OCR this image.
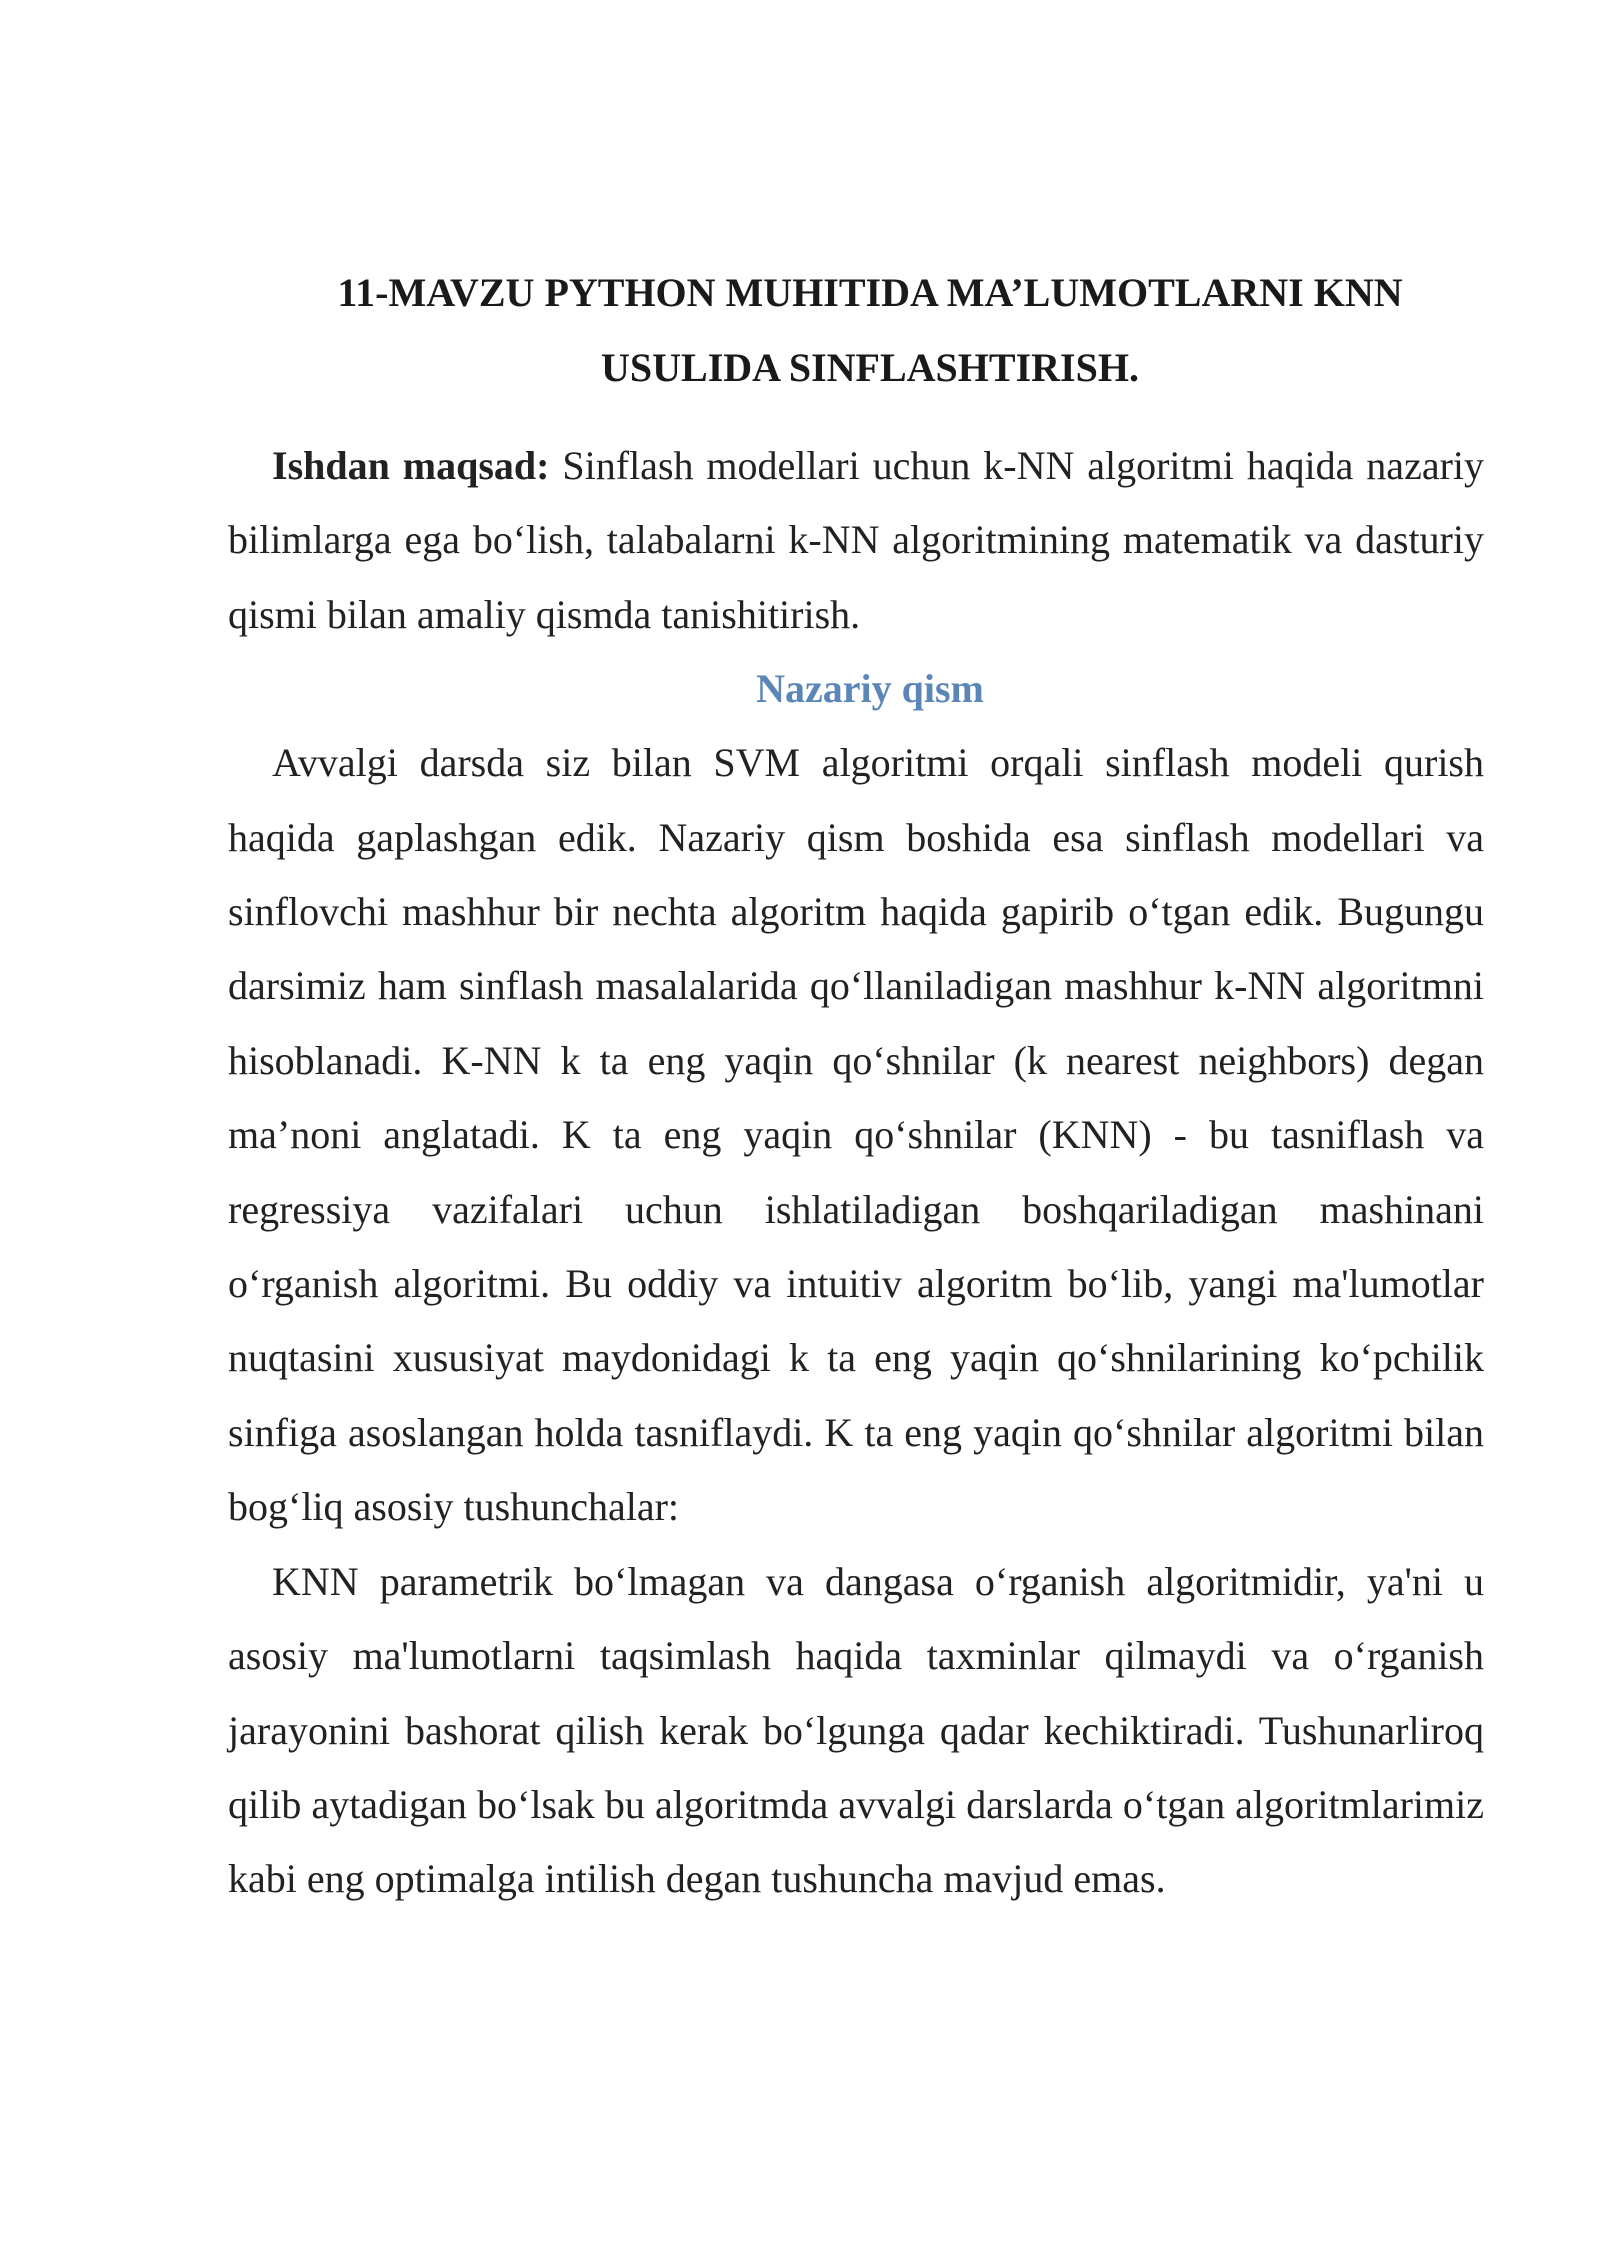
11-MAVZU PYTHON MUHITIDA MA’LUMOTLARNI KNN
USULIDA SINFLASHTIRISH.

Ishdan maqsad: Sinflash modellari uchun k-NN algoritmi haqida nazariy bilimlarga ega bo‘lish, talabalarni k-NN algoritmining matematik va dasturiy qismi bilan amaliy qismda tanishitirish.

Nazariy qism

Avvalgi darsda siz bilan SVM algoritmi orqali sinflash modeli qurish haqida gaplashgan edik. Nazariy qism boshida esa sinflash modellari va sinflovchi mashhur bir nechta algoritm haqida gapirib o‘tgan edik. Bugungu darsimiz ham sinflash masalalarida qo‘llaniladigan mashhur k-NN algoritmni hisoblanadi. K-NN k ta eng yaqin qo‘shnilar (k nearest neighbors) degan ma’noni anglatadi. K ta eng yaqin qo‘shnilar (KNN) - bu tasniflash va regressiya vazifalari uchun ishlatiladigan boshqariladigan mashinani o‘rganish algoritmi. Bu oddiy va intuitiv algoritm bo‘lib, yangi ma'lumotlar nuqtasini xususiyat maydonidagi k ta eng yaqin qo‘shnilarining ko‘pchilik sinfiga asoslangan holda tasniflaydi. K ta eng yaqin qo‘shnilar algoritmi bilan bog‘liq asosiy tushunchalar:

KNN parametrik bo‘lmagan va dangasa o‘rganish algoritmidir, ya'ni u asosiy ma'lumotlarni taqsimlash haqida taxminlar qilmaydi va o‘rganish jarayonini bashorat qilish kerak bo‘lgunga qadar kechiktiradi. Tushunarliroq qilib aytadigan bo‘lsak bu algoritmda avvalgi darslarda o‘tgan algoritmlarimiz kabi eng optimalga intilish degan tushuncha mavjud emas.
